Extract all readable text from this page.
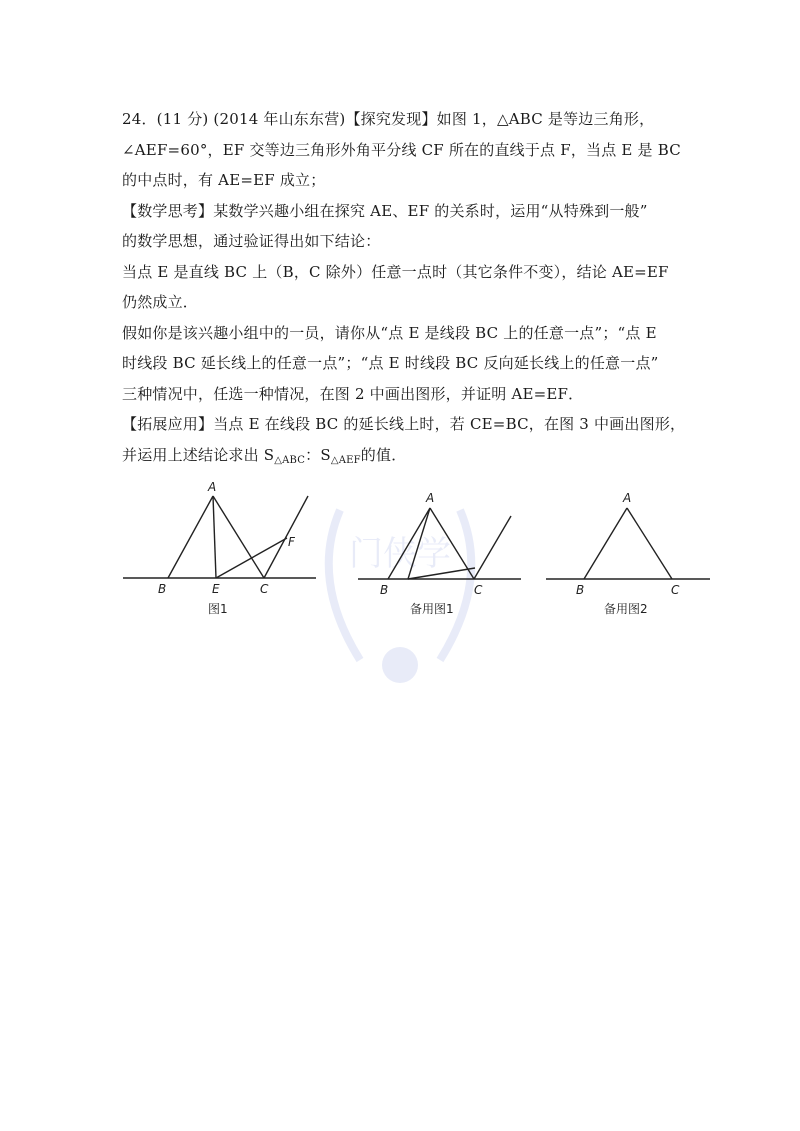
门侠学
24．(11 分) (2014 年山东东营)【探究发现】如图 1，△ABC 是等边三角形，
∠AEF=60°，EF 交等边三角形外角平分线 CF 所在的直线于点 F，当点 E 是 BC
的中点时，有 AE=EF 成立；
【数学思考】某数学兴趣小组在探究 AE、EF 的关系时，运用“从特殊到一般”
的数学思想，通过验证得出如下结论：
当点 E 是直线 BC 上（B，C 除外）任意一点时（其它条件不变），结论 AE=EF
仍然成立．
假如你是该兴趣小组中的一员，请你从“点 E 是线段 BC 上的任意一点”；“点 E
时线段 BC 延长线上的任意一点”；“点 E 时线段 BC 反向延长线上的任意一点”
三种情况中，任选一种情况，在图 2 中画出图形，并证明 AE=EF．
【拓展应用】当点 E 在线段 BC 的延长线上时，若 CE=BC，在图 3 中画出图形，
并运用上述结论求出 $S_{\triangle ABC}$：$S_{\triangle AEF}$的值．
A
B	E	C
F
图1
A
B	C
备用图1
A
B	C
备用图2
